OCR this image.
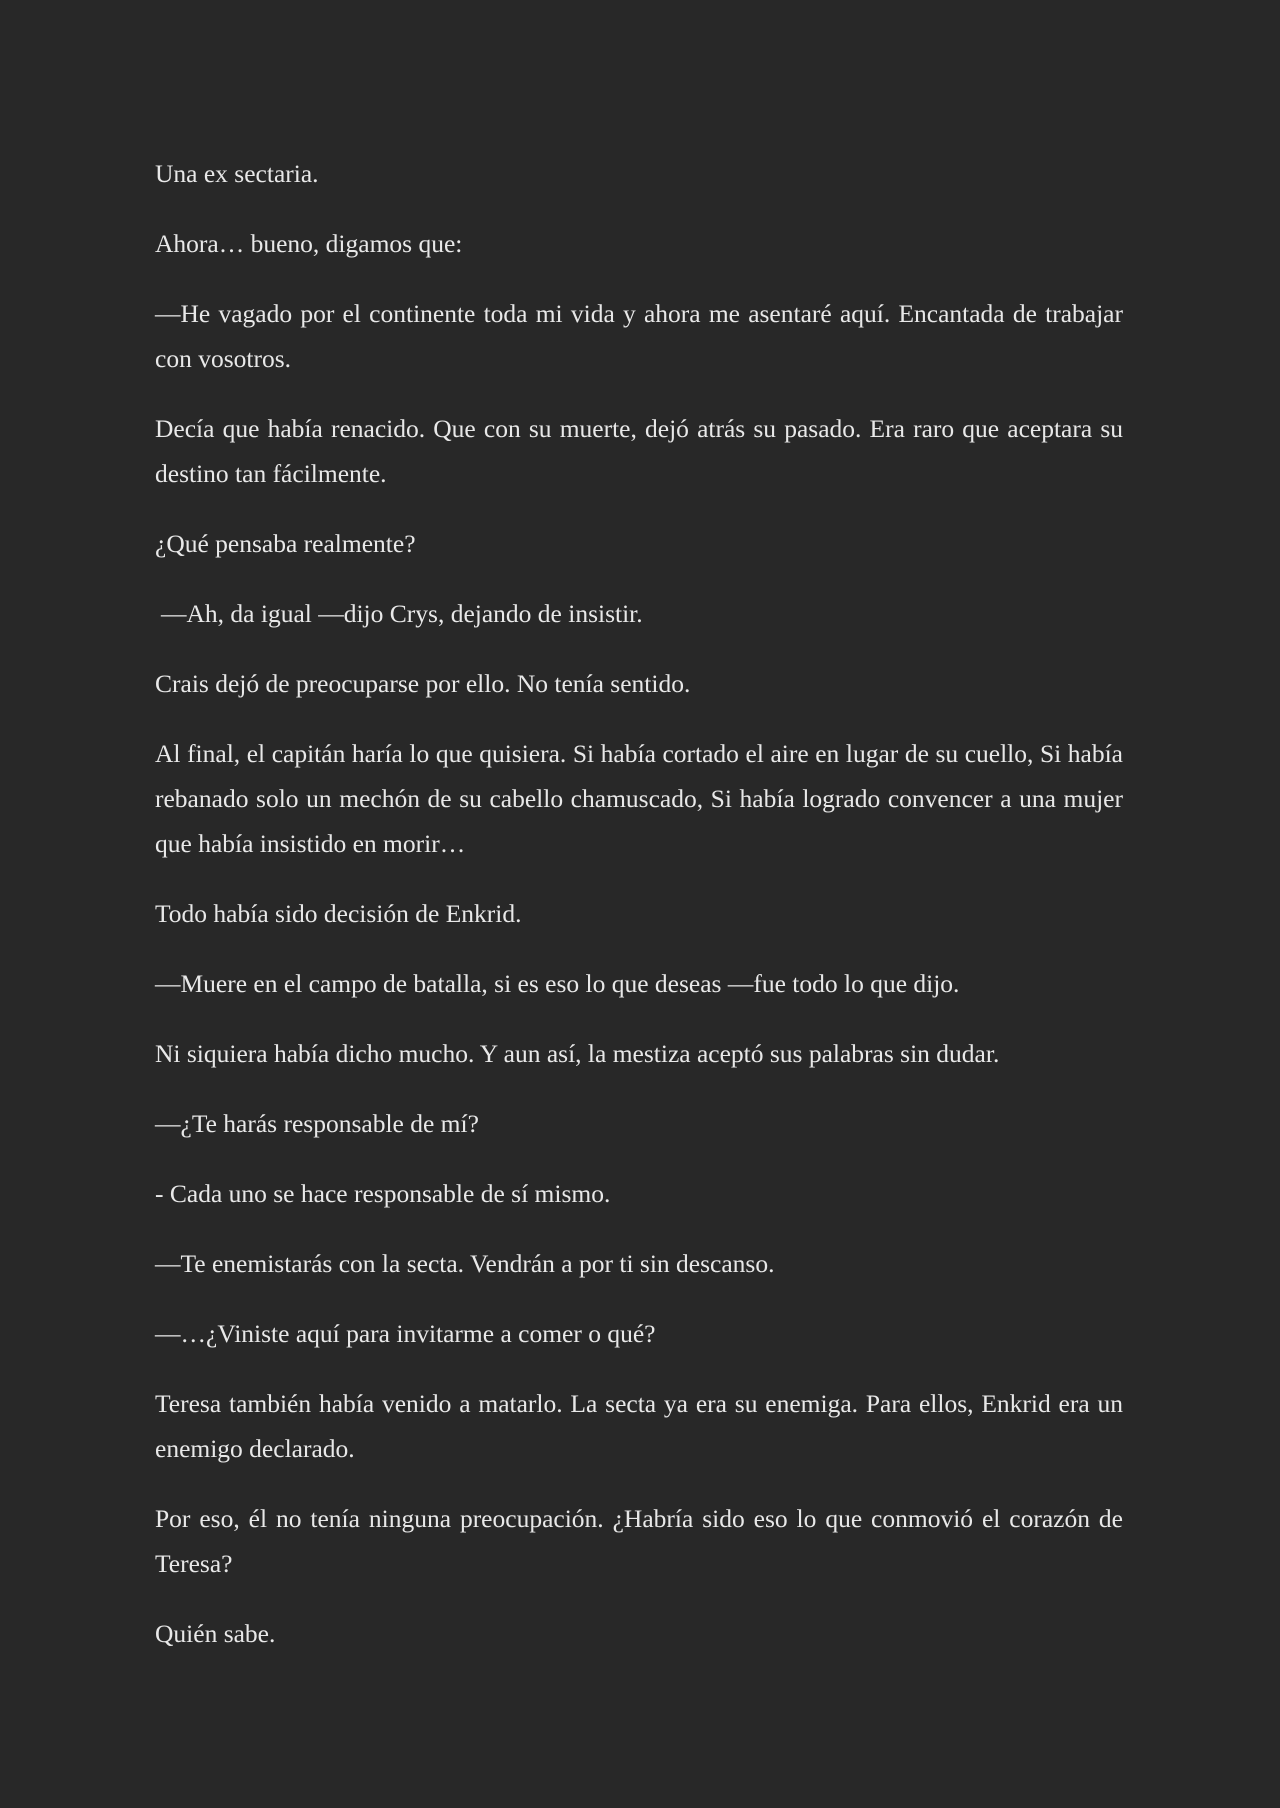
Una ex sectaria.

Ahora… bueno, digamos que:

—He vagado por el continente toda mi vida y ahora me asentaré aquí. Encantada de trabajar con vosotros.

Decía que había renacido. Que con su muerte, dejó atrás su pasado. Era raro que aceptara su destino tan fácilmente.

¿Qué pensaba realmente?

—Ah, da igual —dijo Crys, dejando de insistir.

Crais dejó de preocuparse por ello. No tenía sentido.

Al final, el capitán haría lo que quisiera. Si había cortado el aire en lugar de su cuello, Si había rebanado solo un mechón de su cabello chamuscado, Si había logrado convencer a una mujer que había insistido en morir…

Todo había sido decisión de Enkrid.

—Muere en el campo de batalla, si es eso lo que deseas —fue todo lo que dijo.

Ni siquiera había dicho mucho. Y aun así, la mestiza aceptó sus palabras sin dudar.

—¿Te harás responsable de mí?

- Cada uno se hace responsable de sí mismo.

—Te enemistarás con la secta. Vendrán a por ti sin descanso.

—…¿Viniste aquí para invitarme a comer o qué?

Teresa también había venido a matarlo. La secta ya era su enemiga. Para ellos, Enkrid era un enemigo declarado.

Por eso, él no tenía ninguna preocupación. ¿Habría sido eso lo que conmovió el corazón de Teresa?

Quién sabe.
